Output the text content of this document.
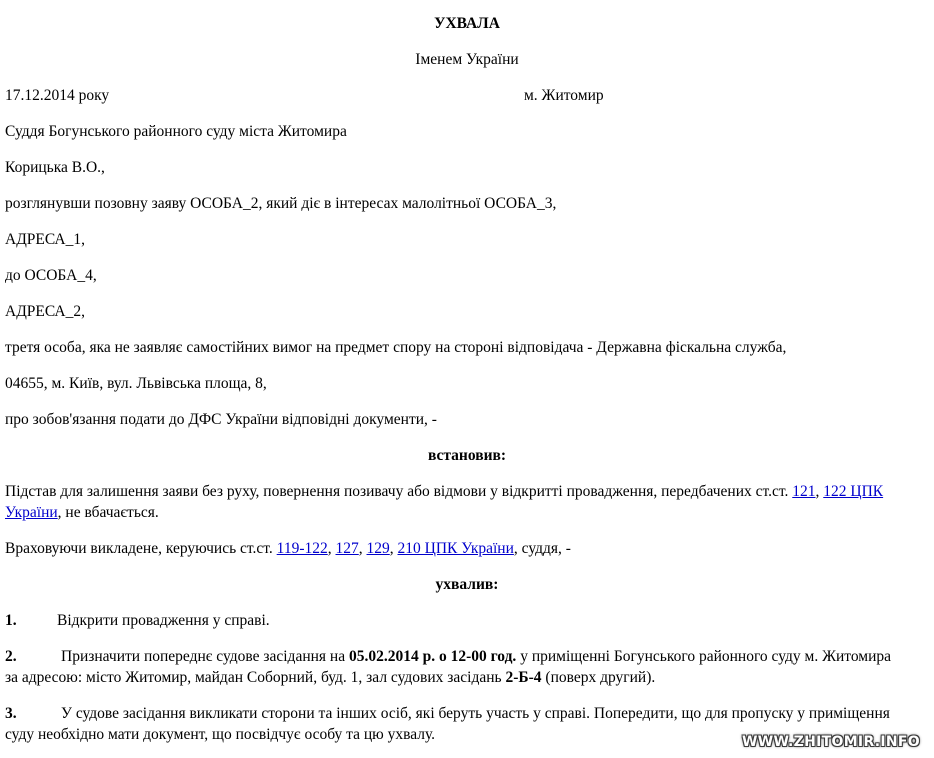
УХВАЛА
Іменем України
17.12.2014 року	м. Житомир
Суддя Богунського районного суду міста Житомира
Корицька В.О.,
розглянувши позовну заяву ОСОБА_2, який діє в інтересах малолітньої ОСОБА_3,
АДРЕСА_1,
до ОСОБА_4,
АДРЕСА_2,
третя особа, яка не заявляє самостійних вимог на предмет спору на стороні відповідача - Державна фіскальна служба,
04655, м. Київ, вул. Львівська площа, 8,
про зобов'язання подати до ДФС України відповідні документи, -
встановив:
Підстав для залишення заяви без руху, повернення позивачу або відмови у відкритті провадження, передбачених ст.ст. 121, 122 ЦПК
України, не вбачається.
Враховуючи викладене, керуючись ст.ст. 119-122, 127, 129, 210 ЦПК України, суддя, -
ухвалив:
1.	Відкрити провадження у справі.
2.	Призначити попереднє судове засідання на 05.02.2014 р. о 12-00 год. у приміщенні Богунського районного суду м. Житомира
за адресою: місто Житомир, майдан Соборний, буд. 1, зал судових засідань 2-Б-4 (поверх другий).
3.	У судове засідання викликати сторони та інших осіб, які беруть участь у справі. Попередити, що для пропуску у приміщення
суду необхідно мати документ, що посвідчує особу та цю ухвалу.	WWW.ZHITOMIR.INFO
